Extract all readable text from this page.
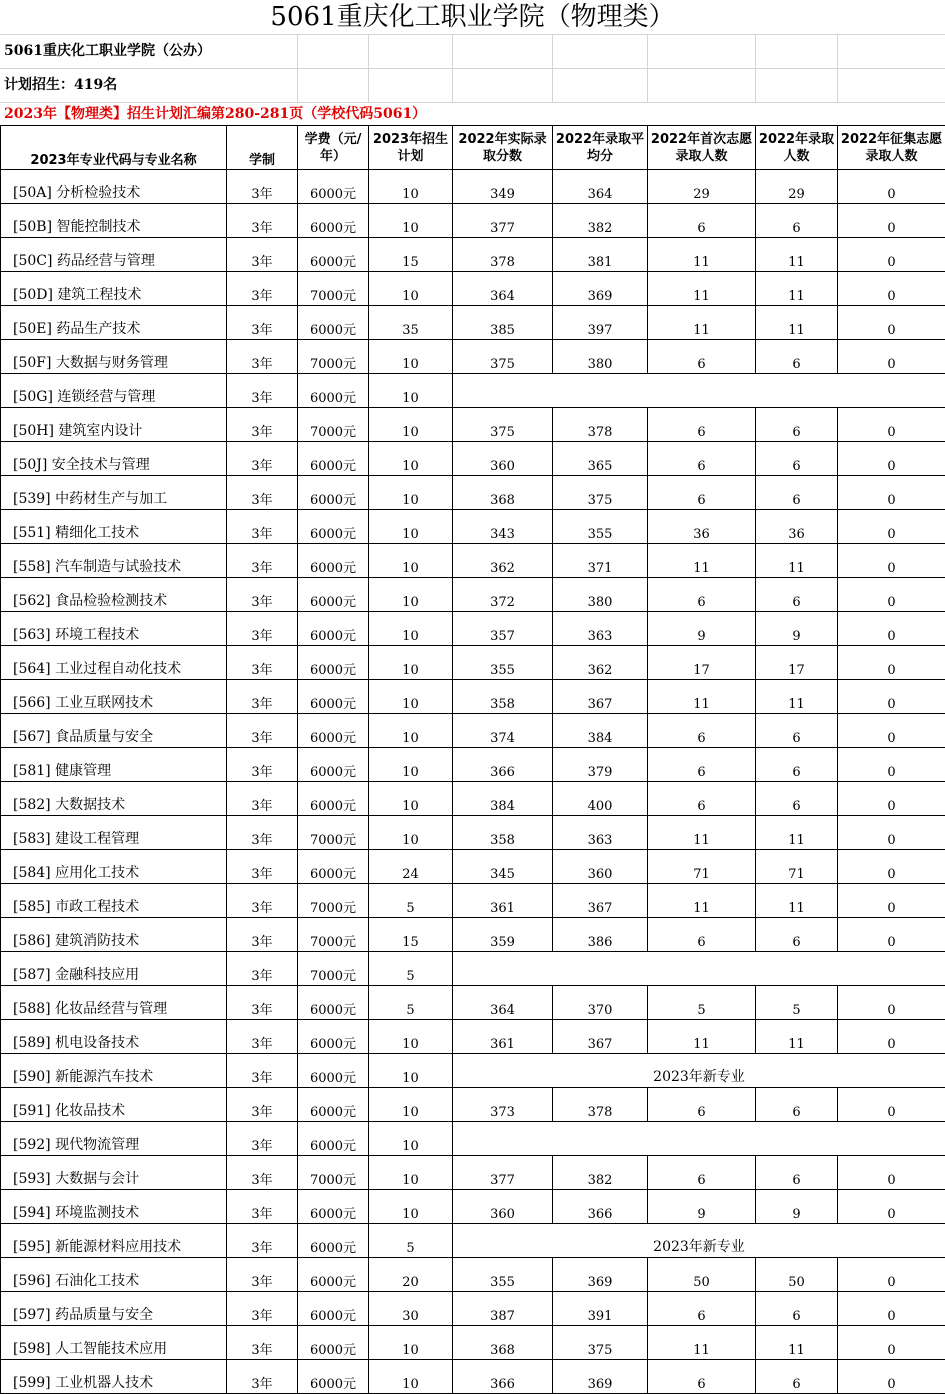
5061重庆化工职业学院（物理类）
5061重庆化工职业学院（公办）
计划招生：419名
2023年【物理类】招生计划汇编第280-281页（学校代码5061）
2023年专业代码与专业名称	学制	学费（元/年）	2023年招生计划	2022年实际录取分数	2022年录取平均分	2022年首次志愿录取人数	2022年录取人数	2022年征集志愿录取人数
[50A] 分析检验技术	3年	6000元	10	349	364	29	29	0
[50B] 智能控制技术	3年	6000元	10	377	382	6	6	0
[50C] 药品经营与管理	3年	6000元	15	378	381	11	11	0
[50D] 建筑工程技术	3年	7000元	10	364	369	11	11	0
[50E] 药品生产技术	3年	6000元	35	385	397	11	11	0
[50F] 大数据与财务管理	3年	7000元	10	375	380	6	6	0
[50G] 连锁经营与管理	3年	6000元	10					
[50H] 建筑室内设计	3年	7000元	10	375	378	6	6	0
[50J] 安全技术与管理	3年	6000元	10	360	365	6	6	0
[539] 中药材生产与加工	3年	6000元	10	368	375	6	6	0
[551] 精细化工技术	3年	6000元	10	343	355	36	36	0
[558] 汽车制造与试验技术	3年	6000元	10	362	371	11	11	0
[562] 食品检验检测技术	3年	6000元	10	372	380	6	6	0
[563] 环境工程技术	3年	6000元	10	357	363	9	9	0
[564] 工业过程自动化技术	3年	6000元	10	355	362	17	17	0
[566] 工业互联网技术	3年	6000元	10	358	367	11	11	0
[567] 食品质量与安全	3年	6000元	10	374	384	6	6	0
[581] 健康管理	3年	6000元	10	366	379	6	6	0
[582] 大数据技术	3年	6000元	10	384	400	6	6	0
[583] 建设工程管理	3年	7000元	10	358	363	11	11	0
[584] 应用化工技术	3年	6000元	24	345	360	71	71	0
[585] 市政工程技术	3年	7000元	5	361	367	11	11	0
[586] 建筑消防技术	3年	7000元	15	359	386	6	6	0
[587] 金融科技应用	3年	7000元	5					
[588] 化妆品经营与管理	3年	6000元	5	364	370	5	5	0
[589] 机电设备技术	3年	6000元	10	361	367	11	11	0
[590] 新能源汽车技术	3年	6000元	10	2023年新专业				
[591] 化妆品技术	3年	6000元	10	373	378	6	6	0
[592] 现代物流管理	3年	6000元	10					
[593] 大数据与会计	3年	7000元	10	377	382	6	6	0
[594] 环境监测技术	3年	6000元	10	360	366	9	9	0
[595] 新能源材料应用技术	3年	6000元	5	2023年新专业				
[596] 石油化工技术	3年	6000元	20	355	369	50	50	0
[597] 药品质量与安全	3年	6000元	30	387	391	6	6	0
[598] 人工智能技术应用	3年	6000元	10	368	375	11	11	0
[599] 工业机器人技术	3年	6000元	10	366	369	6	6	0
